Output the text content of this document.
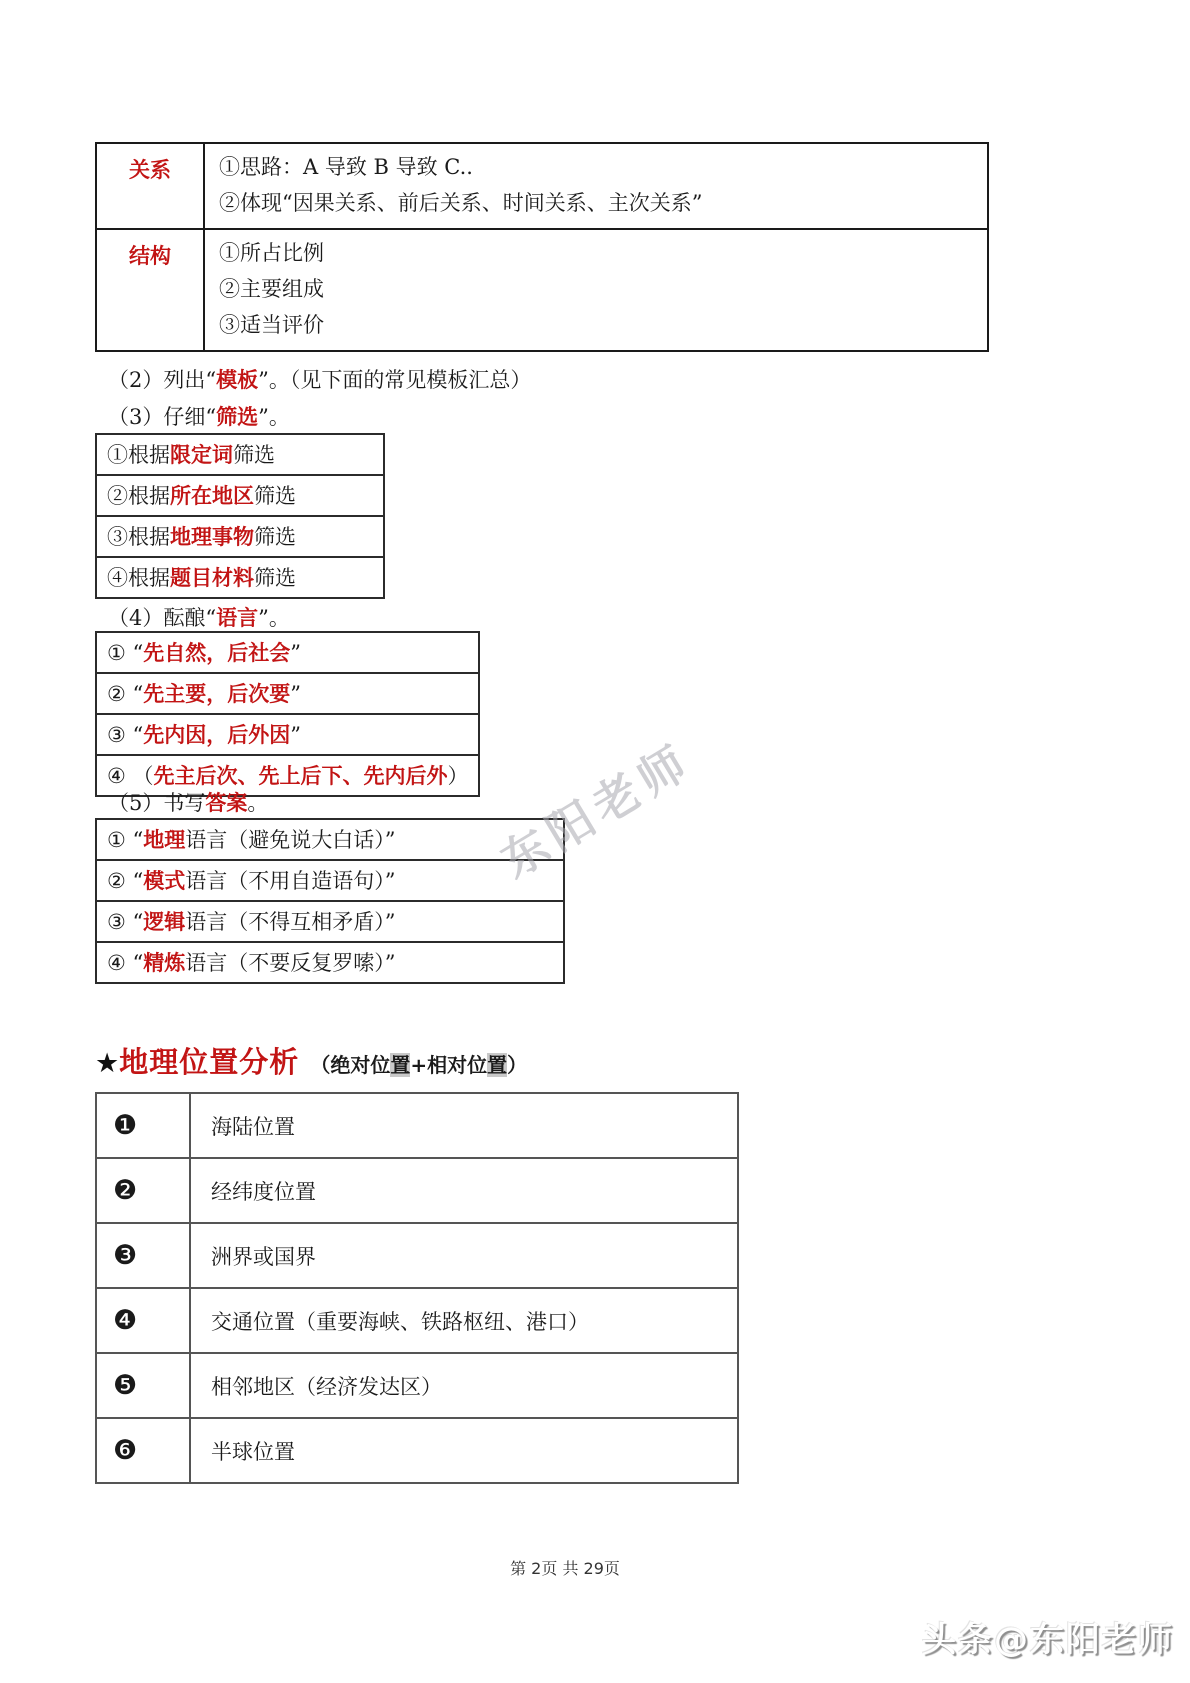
关系	①思路：A 导致 B 导致 C..
②体现“因果关系、前后关系、时间关系、主次关系”
结构	①所占比例
②主要组成
③适当评价
（2）列出“模板”。（见下面的常见模板汇总）
（3）仔细“筛选”。
①根据限定词筛选
②根据所在地区筛选
③根据地理事物筛选
④根据题目材料筛选
（4）酝酿“语言”。
① “先自然，后社会”
② “先主要，后次要”
③ “先内因，后外因”
④ （先主后次、先上后下、先内后外）
（5）书写答案。
① “地理语言（避免说大白话）”
② “模式语言（不用自造语句）”
③ “逻辑语言（不得互相矛盾）”
④ “精炼语言（不要反复罗嗦）”
★地理位置分析 （绝对位置+相对位置）
❶	海陆位置
❷	经纬度位置
❸	洲界或国界
❹	交通位置（重要海峡、铁路枢纽、港口）
❺	相邻地区（经济发达区）
❻	半球位置
东阳老师
第 2页 共 29页
头条@东阳老师
